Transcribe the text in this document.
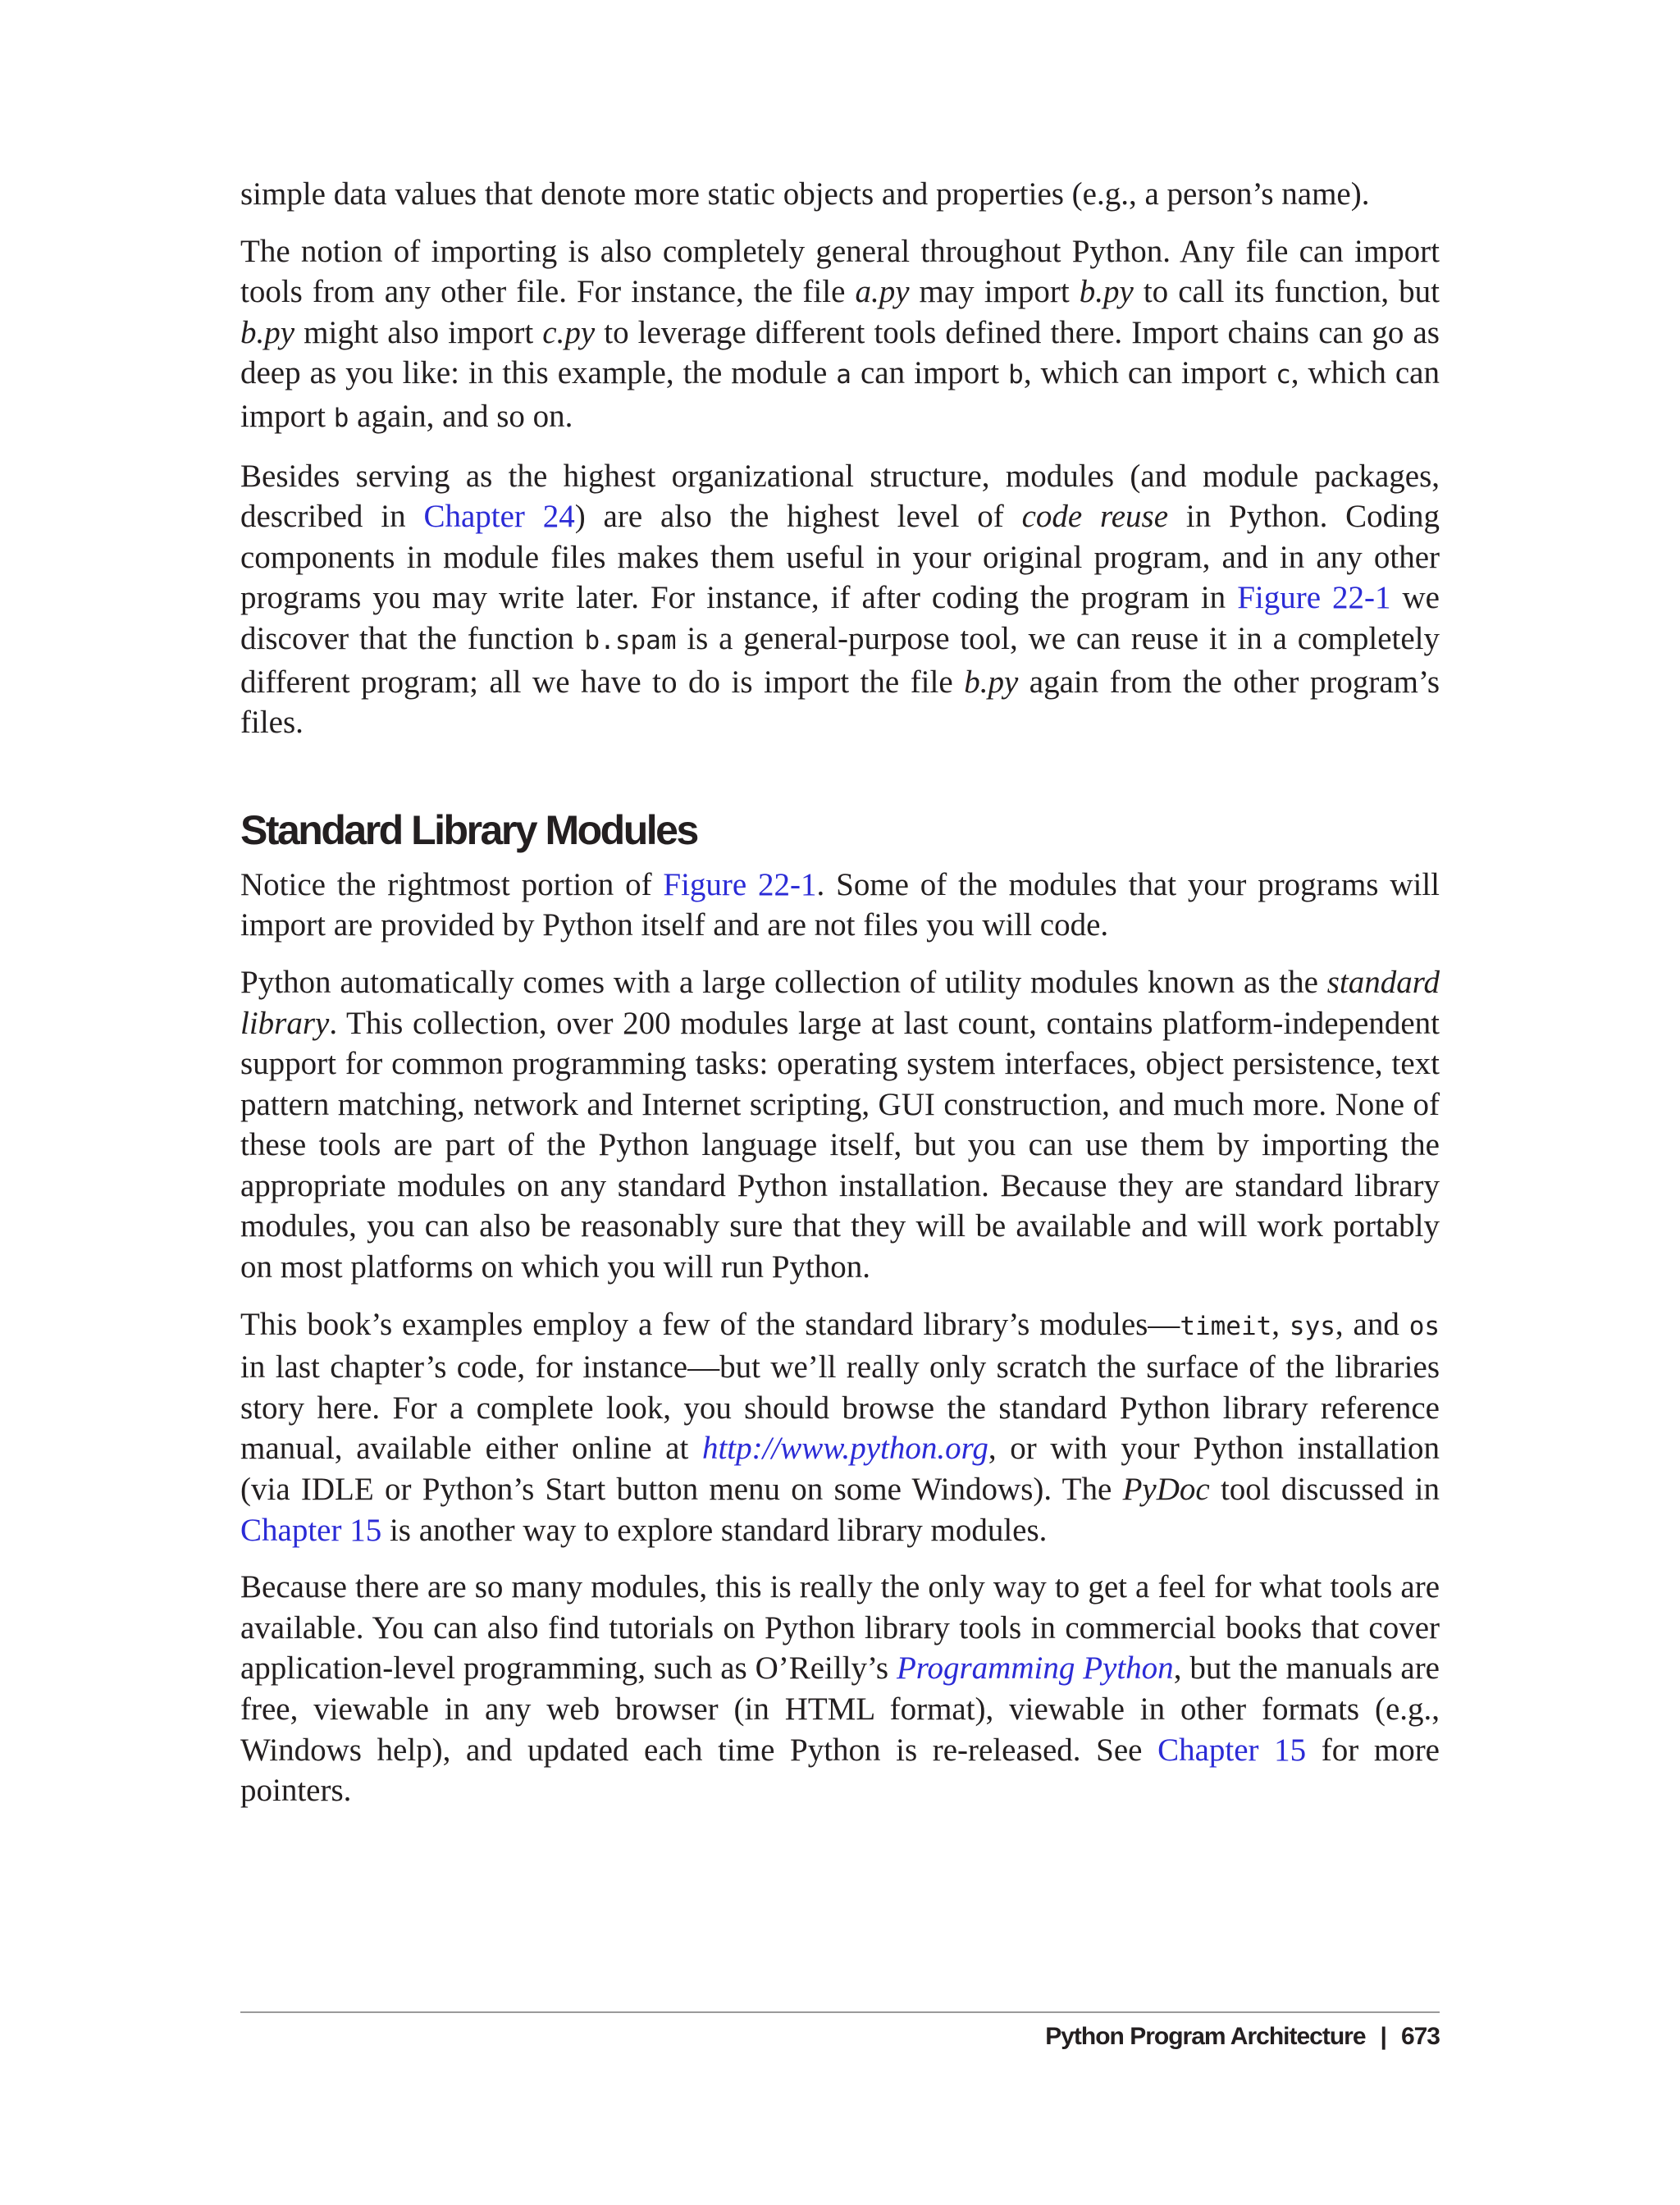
simple data values that denote more static objects and properties (e.g., a person’s name).

The notion of importing is also completely general throughout Python. Any file can import tools from any other file. For instance, the file a.py may import b.py to call its function, but b.py might also import c.py to leverage different tools defined there. Import chains can go as deep as you like: in this example, the module a can import b, which can import c, which can import b again, and so on.

Besides serving as the highest organizational structure, modules (and module packages, described in Chapter 24) are also the highest level of code reuse in Python. Coding components in module files makes them useful in your original program, and in any other programs you may write later. For instance, if after coding the program in Figure 22-1 we discover that the function b.spam is a general-purpose tool, we can reuse it in a completely different program; all we have to do is import the file b.py again from the other program’s files.

Standard Library Modules

Notice the rightmost portion of Figure 22-1. Some of the modules that your programs will import are provided by Python itself and are not files you will code.

Python automatically comes with a large collection of utility modules known as the standard library. This collection, over 200 modules large at last count, contains platform-independent support for common programming tasks: operating system interfaces, object persistence, text pattern matching, network and Internet scripting, GUI construction, and much more. None of these tools are part of the Python language itself, but you can use them by importing the appropriate modules on any standard Python installation. Because they are standard library modules, you can also be reasonably sure that they will be available and will work portably on most platforms on which you will run Python.

This book’s examples employ a few of the standard library’s modules—timeit, sys, and os in last chapter’s code, for instance—but we’ll really only scratch the surface of the libraries story here. For a complete look, you should browse the standard Python library reference manual, available either online at http://www.python.org, or with your Python installation (via IDLE or Python’s Start button menu on some Windows). The PyDoc tool discussed in Chapter 15 is another way to explore standard library modules.

Because there are so many modules, this is really the only way to get a feel for what tools are available. You can also find tutorials on Python library tools in commercial books that cover application-level programming, such as O’Reilly’s Programming Python, but the manuals are free, viewable in any web browser (in HTML format), viewable in other formats (e.g., Windows help), and updated each time Python is re-released. See Chapter 15 for more pointers.

Python Program Architecture | 673
